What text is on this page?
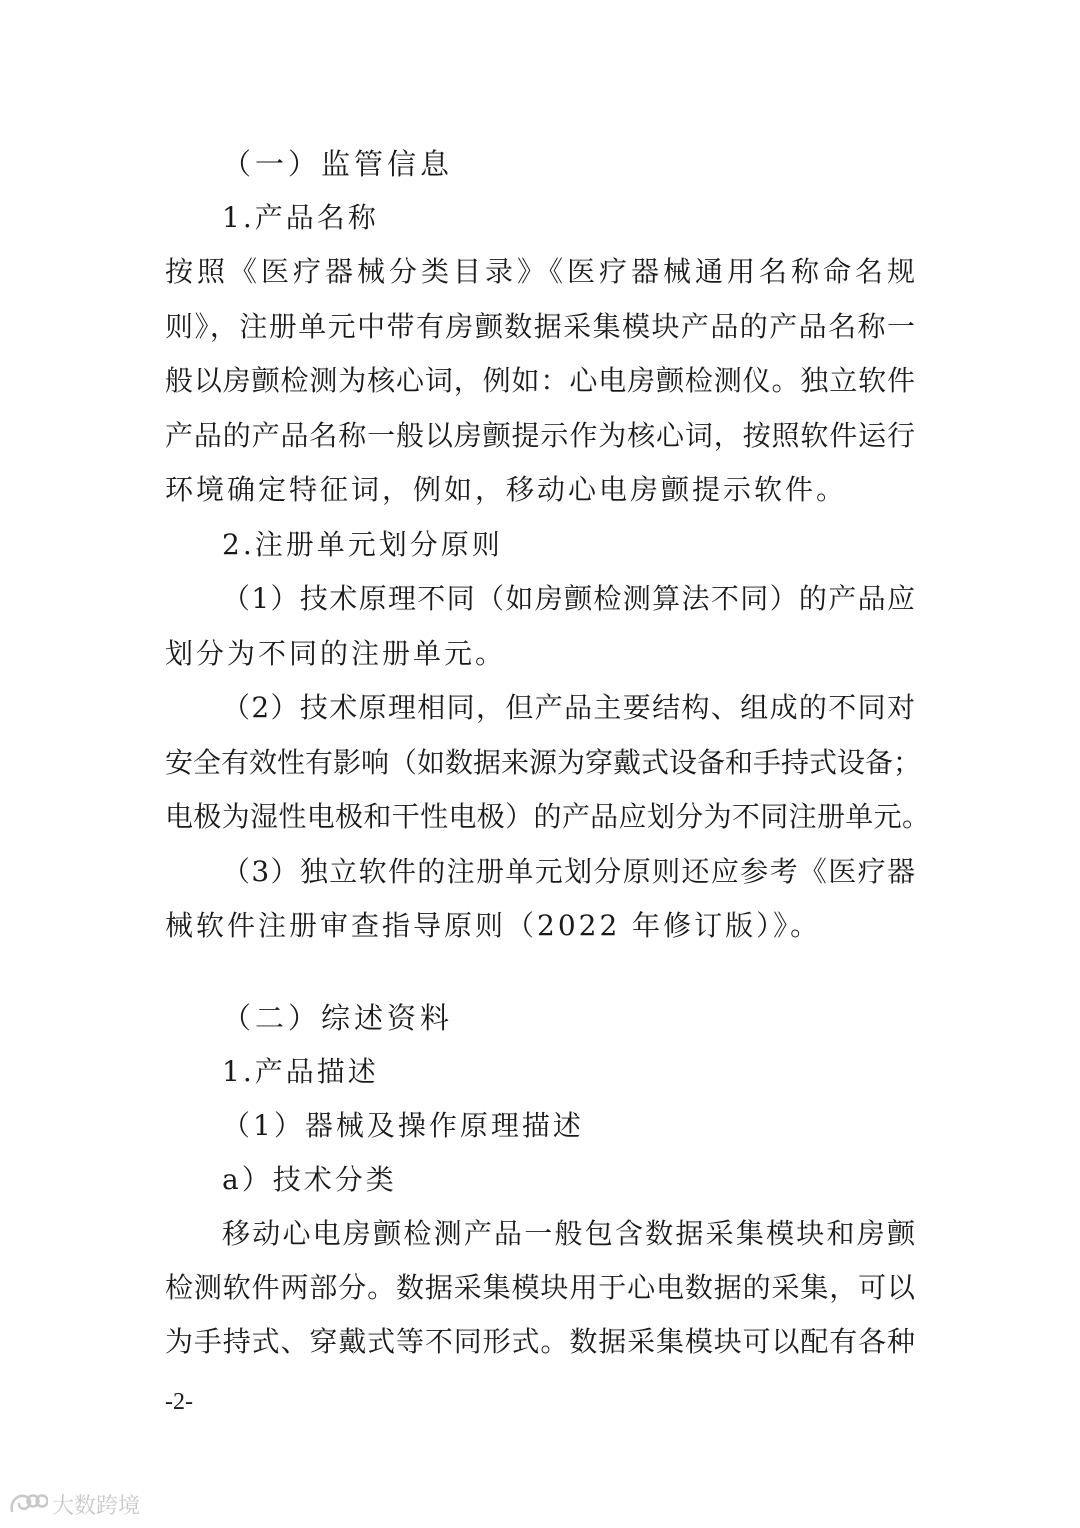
（一）监管信息
1.产品名称
按照《医疗器械分类目录》《医疗器械通用名称命名规
则》，注册单元中带有房颤数据采集模块产品的产品名称一
般以房颤检测为核心词，例如：心电房颤检测仪。独立软件
产品的产品名称一般以房颤提示作为核心词，按照软件运行
环境确定特征词，例如，移动心电房颤提示软件。
2.注册单元划分原则
（1）技术原理不同（如房颤检测算法不同）的产品应
划分为不同的注册单元。
（2）技术原理相同，但产品主要结构、组成的不同对
安全有效性有影响（如数据来源为穿戴式设备和手持式设备；
电极为湿性电极和干性电极）的产品应划分为不同注册单元。
（3）独立软件的注册单元划分原则还应参考《医疗器
械软件注册审查指导原则（2022 年修订版）》。
（二）综述资料
1.产品描述
（1）器械及操作原理描述
a）技术分类
移动心电房颤检测产品一般包含数据采集模块和房颤
检测软件两部分。数据采集模块用于心电数据的采集，可以
为手持式、穿戴式等不同形式。数据采集模块可以配有各种
-2-
大数跨境
